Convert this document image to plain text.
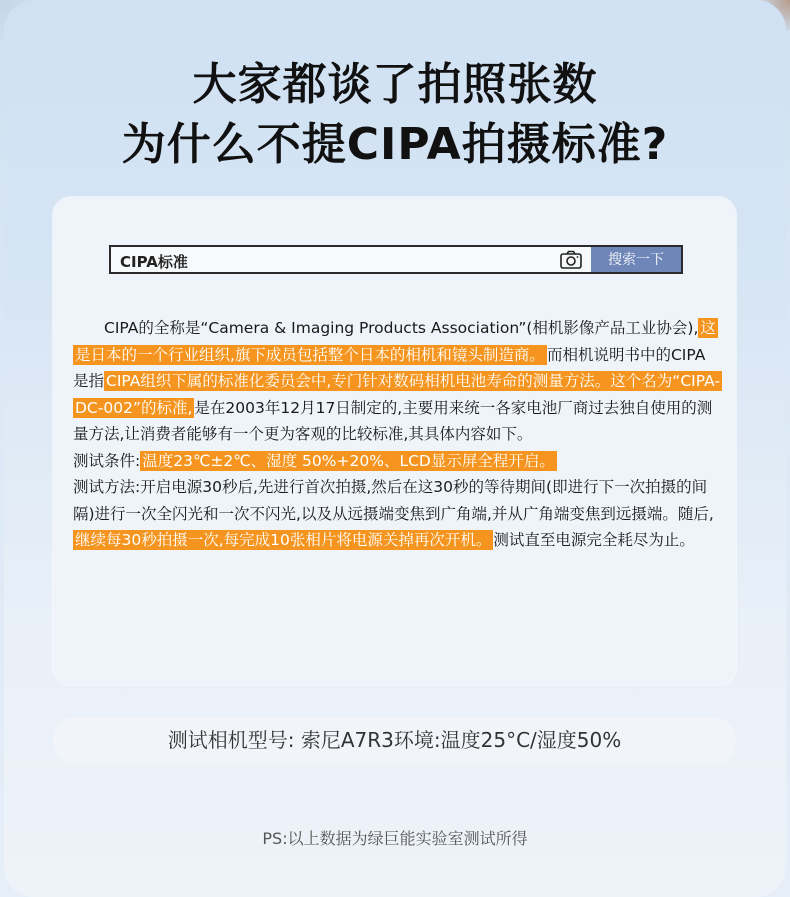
大家都谈了拍照张数
为什么不提CIPA拍摄标准?
CIPA标准	搜索一下

CIPA的全称是“Camera & Imaging Products Association”(相机影像产品工业协会), 这是日本的一个行业组织,旗下成员包括整个日本的相机和镜头制造商。 而相机说明书中的CIPA是指 CIPA组织下属的标准化委员会中,专门针对数码相机电池寿命的测量方法。这个名为“CIPA-DC-002”的标准, 是在2003年12月17日制定的,主要用来统一各家电池厂商过去独自使用的测量方法,让消费者能够有一个更为客观的比较标准,其具体内容如下。

测试条件: 温度23℃±2℃、湿度 50%+20%、LCD显示屏全程开启。

测试方法:开启电源30秒后,先进行首次拍摄,然后在这30秒的等待期间(即进行下一次拍摄的间隔)进行一次全闪光和一次不闪光,以及从远摄端变焦到广角端,并从广角端变焦到远摄端。随后,继续每30秒拍摄一次,每完成10张相片将电源关掉再次开机。 测试直至电源完全耗尽为止。

测试相机型号: 索尼A7R3环境:温度25°C/湿度50%
PS:以上数据为绿巨能实验室测试所得
